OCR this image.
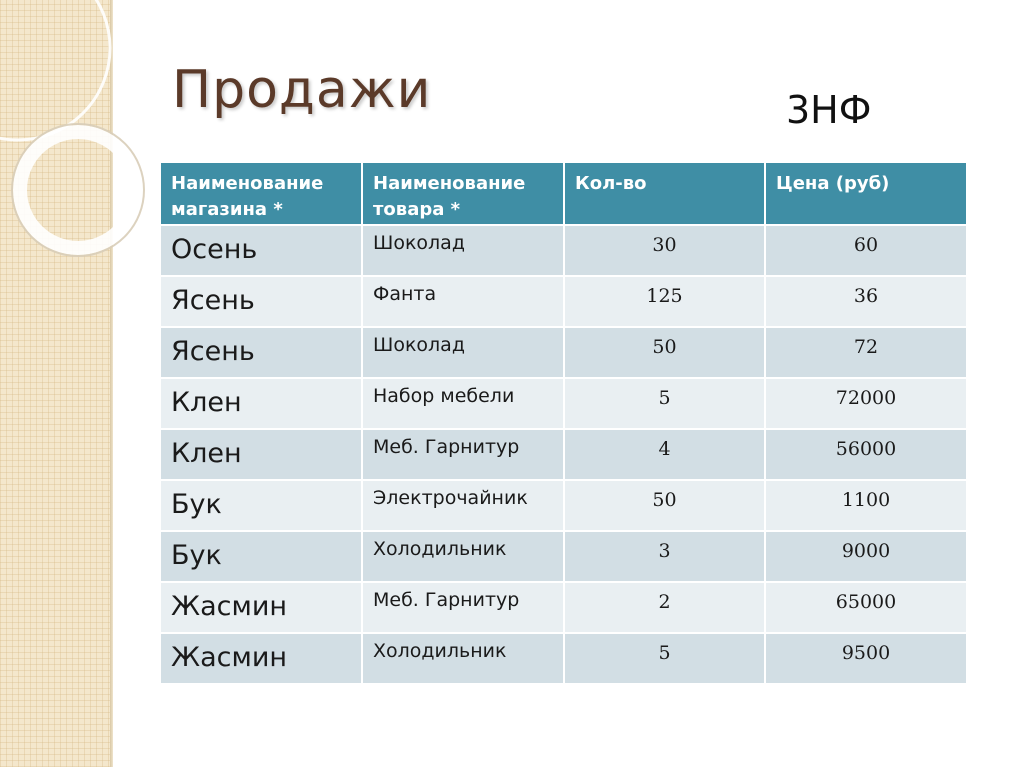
Продажи	3НФ
Наименование магазина *	Наименование товара *	Кол-во	Цена (руб)
Осень	Шоколад	30	60
Ясень	Фанта	125	36
Ясень	Шоколад	50	72
Клен	Набор мебели	5	72000
Клен	Меб. Гарнитур	4	56000
Бук	Электрочайник	50	1100
Бук	Холодильник	3	9000
Жасмин	Меб. Гарнитур	2	65000
Жасмин	Холодильник	5	9500
